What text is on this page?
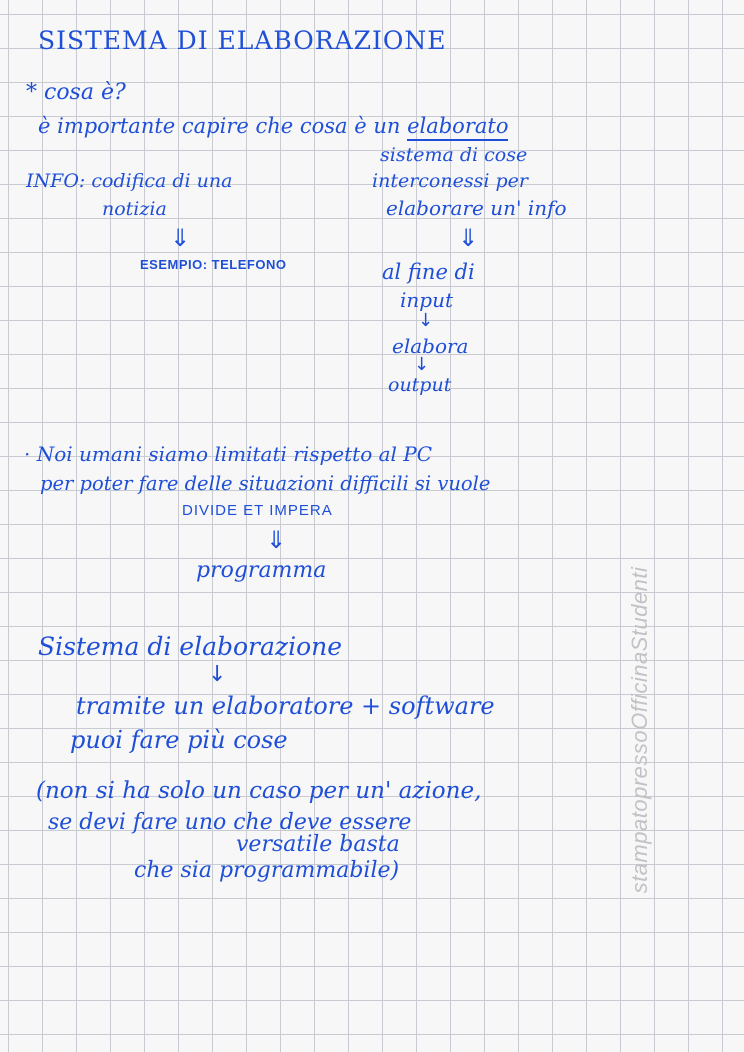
SISTEMA DI ELABORAZIONE
* cosa è?
è importante capire che cosa è un elaborato
sistema di cose
interconessi per
elaborare un' info
INFO: codifica di una
notizia
⇓	⇓
ESEMPIO: TELEFONO	al fine di
input
↓
elabora
↓
output
· Noi umani siamo limitati rispetto al PC
per poter fare delle situazioni difficili si vuole
DIVIDE ET IMPERA
⇓
programma
Sistema di elaborazione
↓
tramite un elaboratore + software
puoi fare più cose
(non si ha solo un caso per un' azione,
se devi fare uno che deve essere
versatile basta
che sia programmabile)	stampatopressoOfficinaStudenti
